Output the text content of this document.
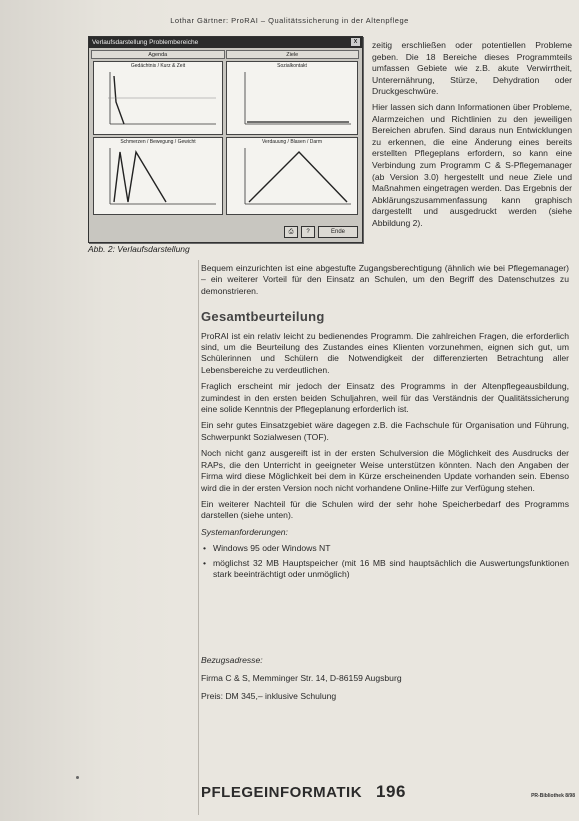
Lothar Gärtner: ProRAI – Qualitätssicherung in der Altenpflege
Verlaufsdarstellung Problembereiche	x
Agenda	Ziele
Gedächtnis / Kurz & Zeit	Sozialkontakt
Schmerzen / Bewegung / Gewicht	Verdauung / Blasen / Darm
⎙	?	Ende
Abb. 2: Verlaufsdarstellung

zeitig erschließen oder potentiellen Probleme geben. Die 18 Bereiche dieses Programmteils umfassen Gebiete wie z.B. akute Verwirrtheit, Unterernährung, Stürze, Dehydration oder Druckgeschwüre.

Hier lassen sich dann Informationen über Probleme, Alarmzeichen und Richtlinien zu den jeweiligen Bereichen abrufen. Sind daraus nun Entwicklungen zu erkennen, die eine Änderung eines bereits erstellten Pflegeplans erfordern, so kann eine Verbindung zum Programm C & S-Pflegemanager (ab Version 3.0) hergestellt und neue Ziele und Maßnahmen eingetragen werden. Das Ergebnis der Abklärungszusammenfassung kann graphisch dargestellt und ausgedruckt werden (siehe Abbildung 2).

Bequem einzurichten ist eine abgestufte Zugangsberechtigung (ähnlich wie bei Pflegemanager) – ein weiterer Vorteil für den Einsatz an Schulen, um den Begriff des Datenschutzes zu demonstrieren.

Gesamtbeurteilung

ProRAI ist ein relativ leicht zu bedienendes Programm. Die zahlreichen Fragen, die erforderlich sind, um die Beurteilung des Zustandes eines Klienten vorzunehmen, eignen sich gut, um Schülerinnen und Schülern die Notwendigkeit der differenzierten Betrachtung aller Lebensbereiche zu verdeutlichen.

Fraglich erscheint mir jedoch der Einsatz des Programms in der Altenpflegeausbildung, zumindest in den ersten beiden Schuljahren, weil für das Verständnis der Qualitätssicherung eine solide Kenntnis der Pflegeplanung erforderlich ist.

Ein sehr gutes Einsatzgebiet wäre dagegen z.B. die Fachschule für Organisation und Führung, Schwerpunkt Sozialwesen (TOF).

Noch nicht ganz ausgereift ist in der ersten Schulversion die Möglichkeit des Ausdrucks der RAPs, die den Unterricht in geeigneter Weise unterstützen könnten. Nach den Angaben der Firma wird diese Möglichkeit bei dem in Kürze erscheinenden Update vorhanden sein. Ebenso wird die in der ersten Version noch nicht vorhandene Online-Hilfe zur Verfügung stehen.

Ein weiterer Nachteil für die Schulen wird der sehr hohe Speicherbedarf des Programms darstellen (siehe unten).

Systemanforderungen:

• Windows 95 oder Windows NT
• möglichst 32 MB Hauptspeicher (mit 16 MB sind hauptsächlich die Auswertungsfunktionen stark beeinträchtigt oder unmöglich)

Bezugsadresse:

Firma C & S, Memminger Str. 14, D-86159 Augsburg

Preis: DM 345,– inklusive Schulung

PFLEGEINFORMATIK 196	PR-Bibliothek 8/98
